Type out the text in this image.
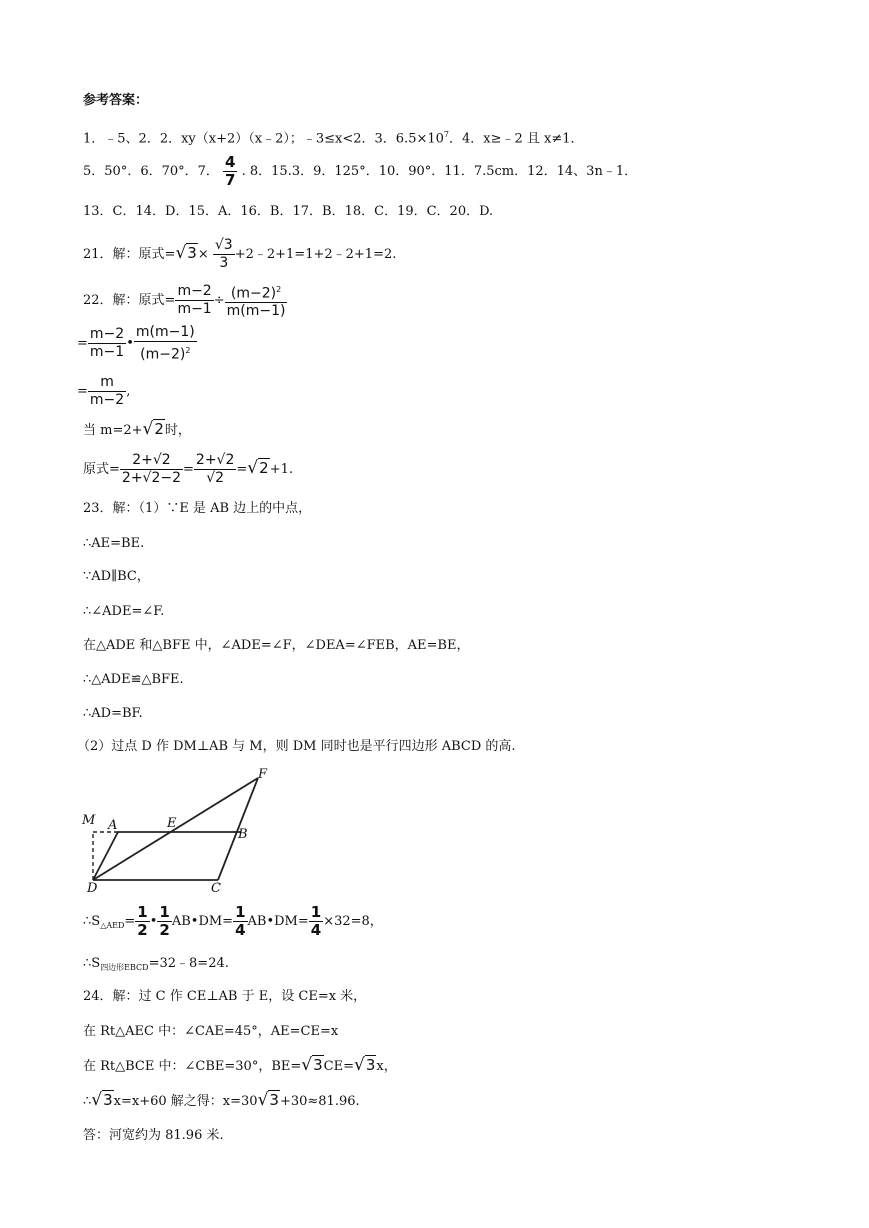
参考答案：
1．﹣5、2．2．xy（x+2）（x﹣2）；﹣3≤x<2．3．$6.5\times 10^7$．4．x≥﹣2 且 x≠1．
5．50°．6．70°．7． $\frac{4}{7}$ . 8．15.3．9．125°．10．90°．11．7.5cm．12．14、3n﹣1．
13．C．14．D．15．A．16．B．17．B．18．C．19．C．20．D.
21．解：原式$=√3\times \frac{√3}{3}$ +2﹣2+1=1+2﹣2+1=2.
22．解：原式= $\frac{m-2}{m-1} \div \frac{(m-2)^2}{m(m-1)}$
= $\frac{m-2}{m-1}$ • $\frac{m(m-1)}{(m-2)^2}$
= $\frac{m}{m-2}$ ,
当 m=2+√2时，
原式= $\frac{2+√2}{2+√2-2} = \frac{2+√2}{√2} =√2+1$.
23．解：（1）∵E 是 AB 边上的中点，
∴AE=BE.
∵AD∥BC，
∴∠ADE=∠F.
在△ADE 和△BFE 中，∠ADE=∠F，∠DEA=∠FEB，AE=BE，
∴△ADE≌△BFE.
∴AD=BF.
（2）过点 D 作 DM⊥AB 与 M，则 DM 同时也是平行四边形 ABCD 的高.
F
M A	E
B
D	C
$\therefore S_{\triangle AED}= \frac{1}{2}$ • $\frac{1}{2}$ AB•DM= $\frac{1}{4}$ AB•DM= $\frac{1}{4} \times 32=8$，
$\therefore S_{四边形EBCD}=32﹣8=24$.
24．解：过 C 作 CE⊥AB 于 E，设 CE=x 米，
在 Rt△AEC 中：∠CAE=45°，AE=CE=x
在 Rt△BCE 中：∠CBE=30°，BE=√3CE=√3x，
∴√3x=x+60 解之得：x=30√3+30≈81.96.
答：河宽约为 81.96 米.
